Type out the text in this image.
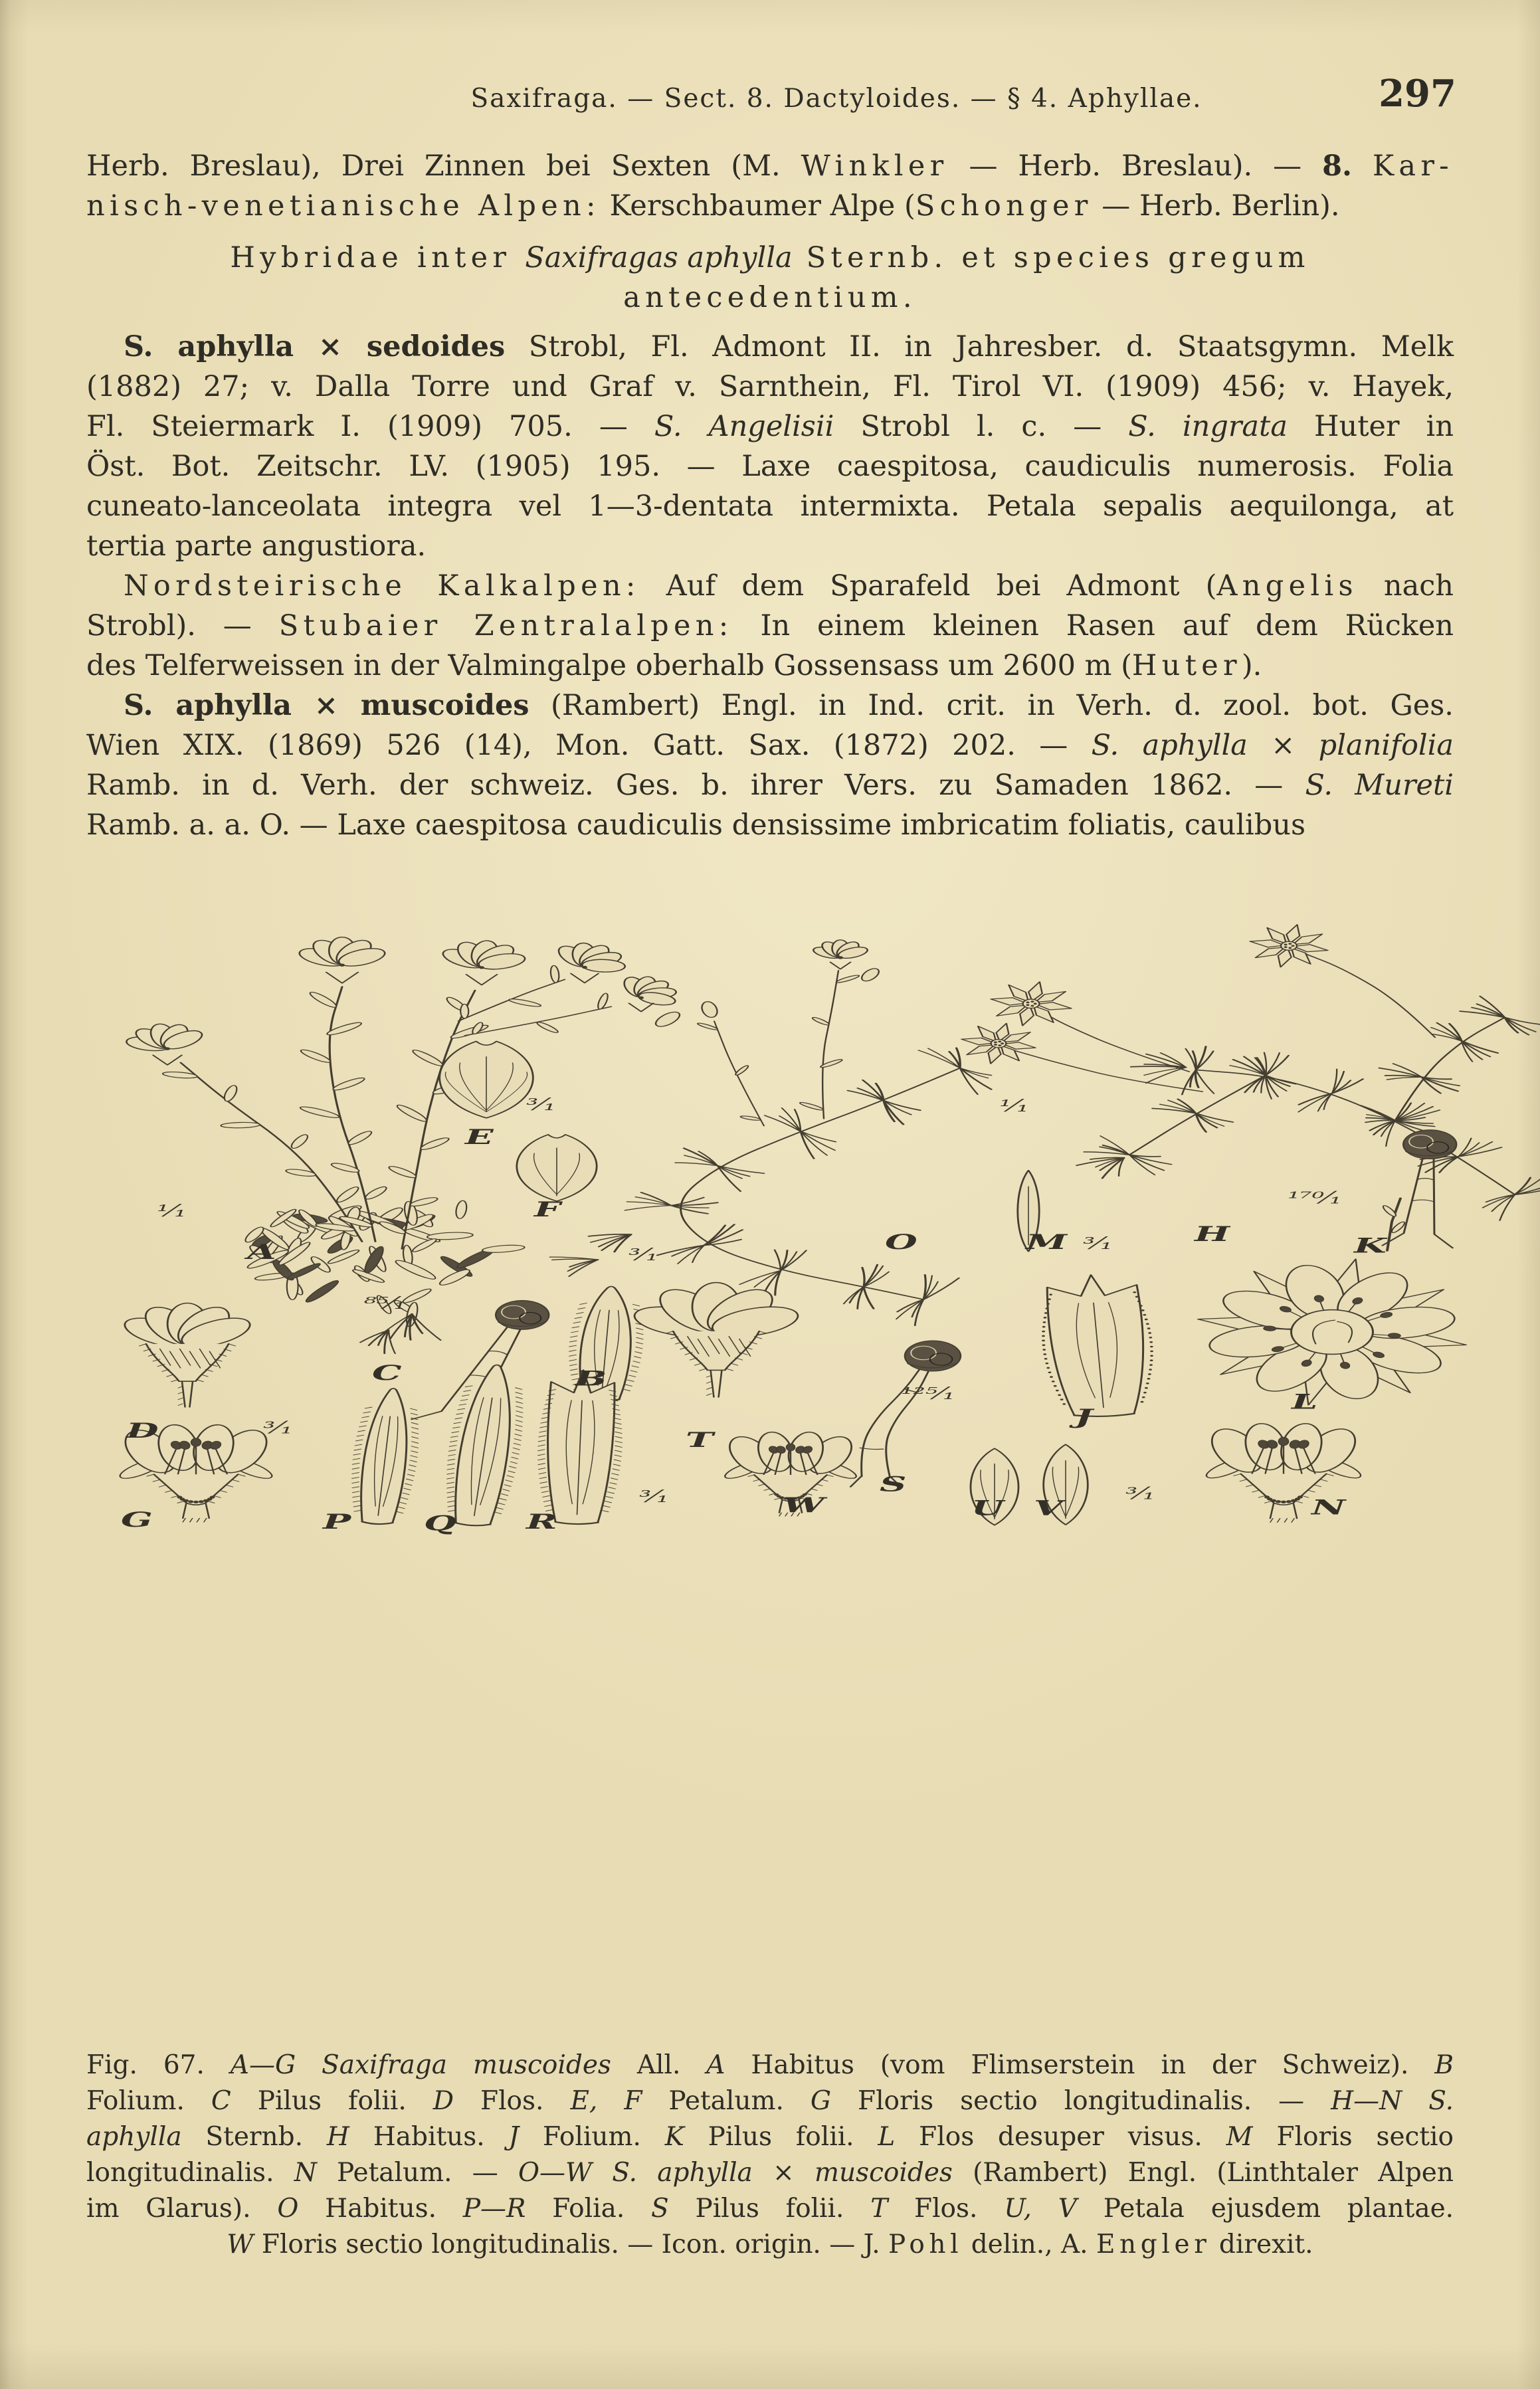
Saxifraga. — Sect. 8. Dactyloides. — § 4. Aphyllae.	297
Herb. Breslau), Drei Zinnen bei Sexten (M. Winkler — Herb. Breslau). — 8. Kar-
nisch-venetianische Alpen: Kerschbaumer Alpe (Schonger — Herb. Berlin).
Hybridae inter Saxifragas aphylla Sternb. et species gregum
antecedentium.
S. aphylla × sedoides Strobl, Fl. Admont II. in Jahresber. d. Staatsgymn. Melk
(1882) 27; v. Dalla Torre und Graf v. Sarnthein, Fl. Tirol VI. (1909) 456; v. Hayek,
Fl. Steiermark I. (1909) 705. — S. Angelisii Strobl l. c. — S. ingrata Huter in
Öst. Bot. Zeitschr. LV. (1905) 195. — Laxe caespitosa, caudiculis numerosis. Folia
cuneato-lanceolata integra vel 1—3-dentata intermixta. Petala sepalis aequilonga, at
tertia parte angustiora.
Nordsteirische Kalkalpen: Auf dem Sparafeld bei Admont (Angelis nach
Strobl). — Stubaier Zentralalpen: In einem kleinen Rasen auf dem Rücken
des Telferweissen in der Valmingalpe oberhalb Gossensass um 2600 m (Huter).
S. aphylla × muscoides (Rambert) Engl. in Ind. crit. in Verh. d. zool. bot. Ges.
Wien XIX. (1869) 526 (14), Mon. Gatt. Sax. (1872) 202. — S. aphylla × planifolia
Ramb. in d. Verh. der schweiz. Ges. b. ihrer Vers. zu Samaden 1862. — S. Mureti
Ramb. a. a. O. — Laxe caespitosa caudiculis densissime imbricatim foliatis, caulibus
¹⁄₁
A
E
³⁄₁
F
⁸⁵⁄₁
C
³⁄₁
B
D	³⁄₁
G	P Q R
³⁄₁
T
W
S
¹²⁵⁄₁
U V
³⁄₁
N
J
L
O	M ³⁄₁
¹⁄₁
H
¹⁷⁰⁄₁
K
Fig. 67. A—G Saxifraga muscoides All. A Habitus (vom Flimserstein in der Schweiz). B
Folium. C Pilus folii. D Flos. E, F Petalum. G Floris sectio longitudinalis. — H—N S.
aphylla Sternb. H Habitus. J Folium. K Pilus folii. L Flos desuper visus. M Floris sectio
longitudinalis. N Petalum. — O—W S. aphylla × muscoides (Rambert) Engl. (Linthtaler Alpen
im Glarus). O Habitus. P—R Folia. S Pilus folii. T Flos. U, V Petala ejusdem plantae.
W Floris sectio longitudinalis. — Icon. origin. — J. Pohl delin., A. Engler direxit.
